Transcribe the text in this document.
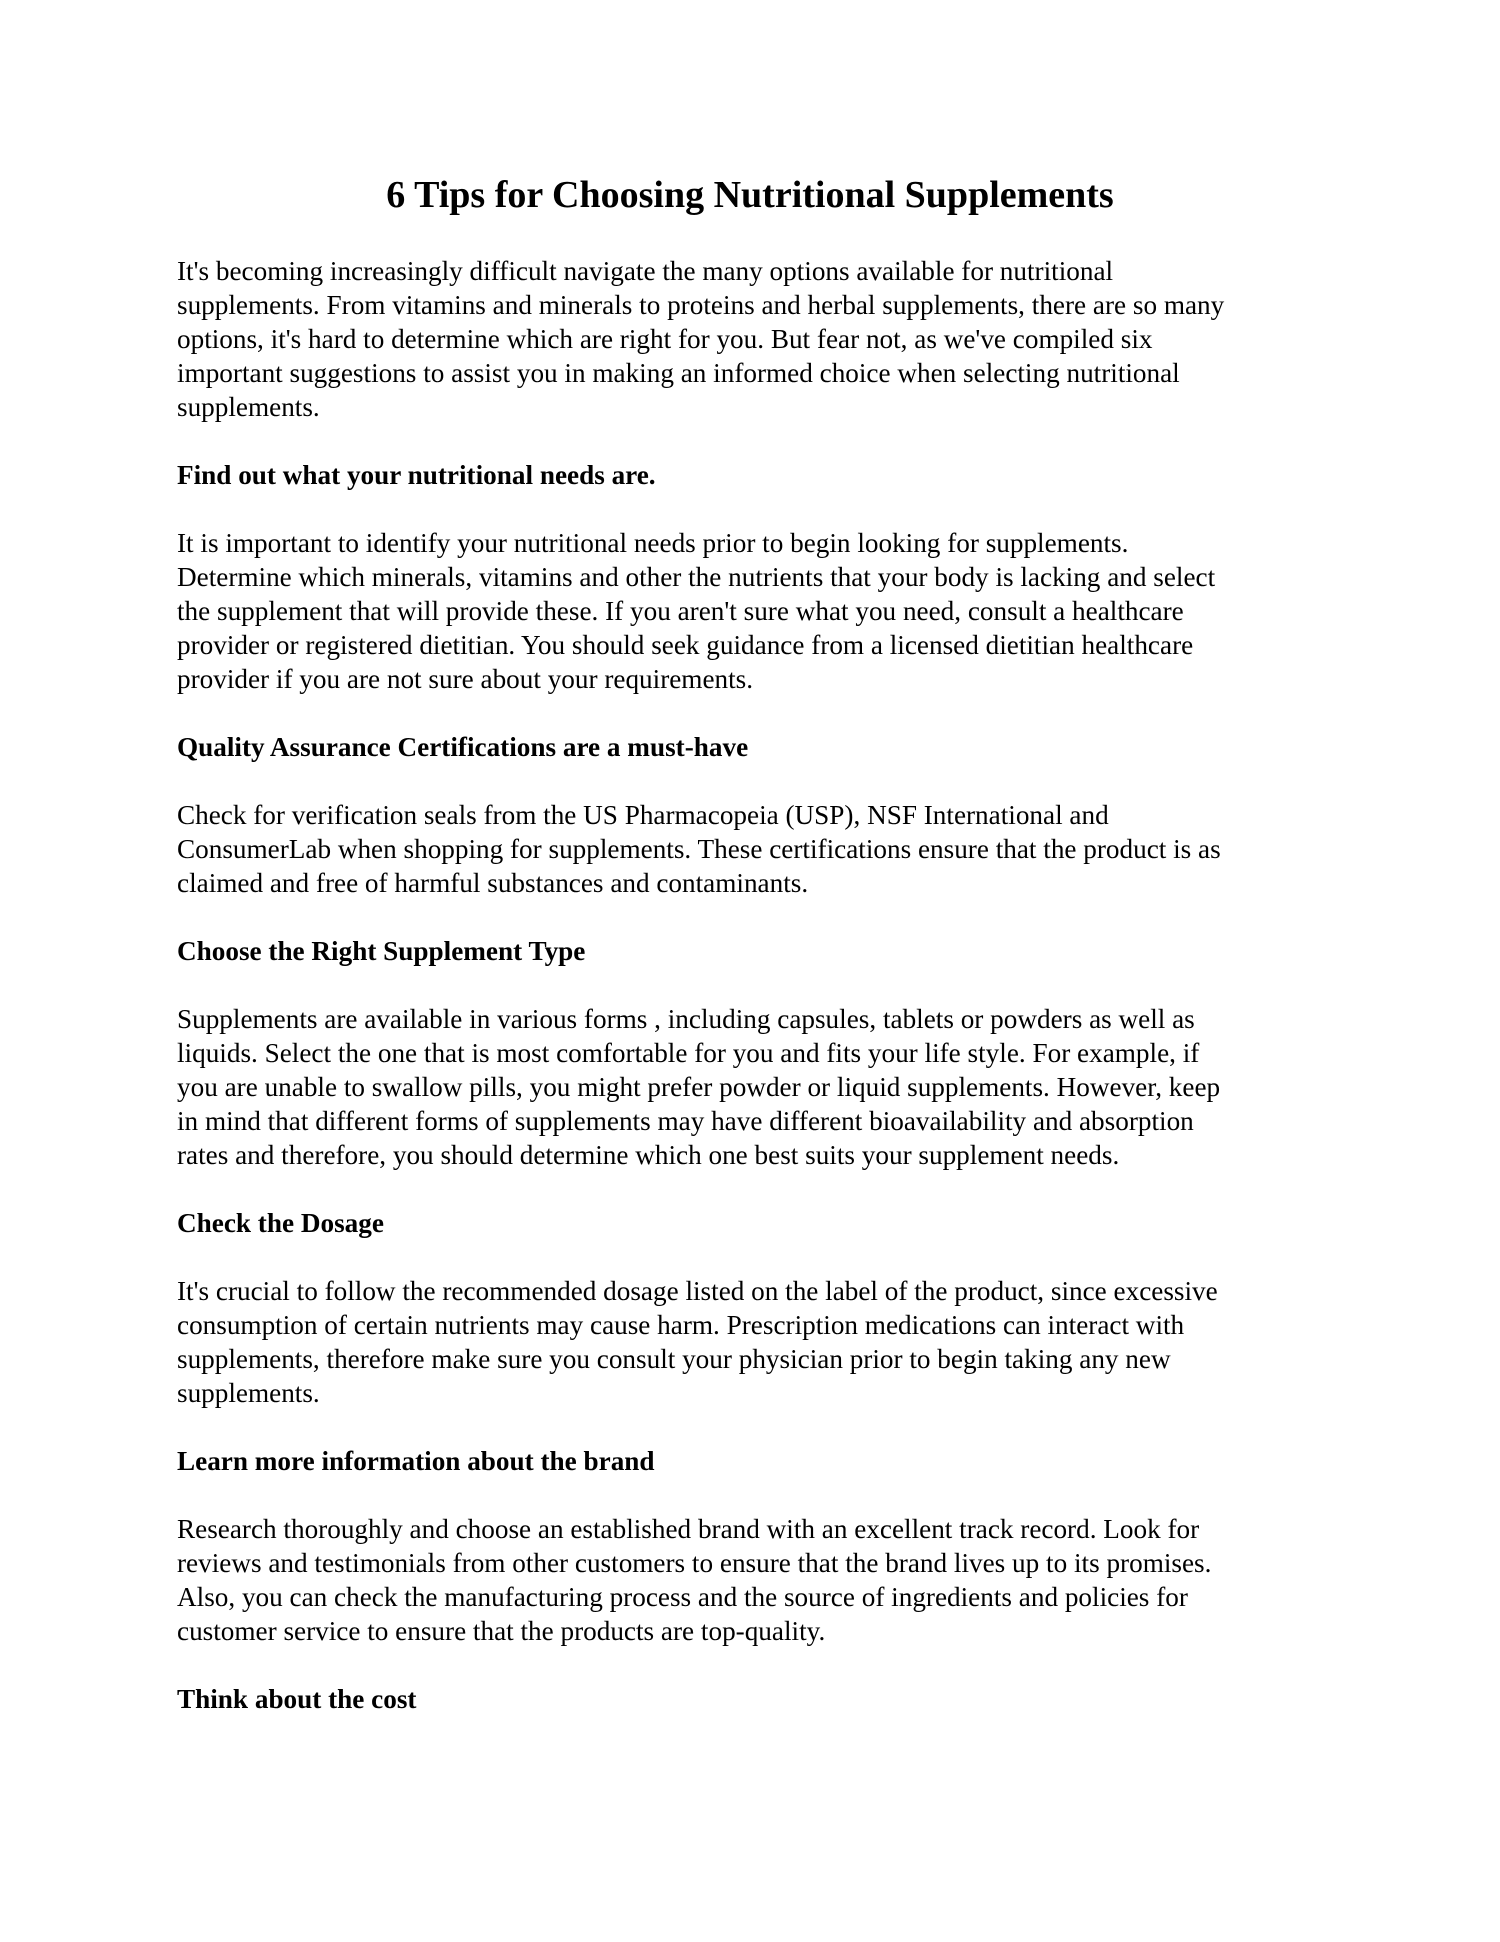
6 Tips for Choosing Nutritional Supplements

It's becoming increasingly difficult navigate the many options available for nutritional
supplements. From vitamins and minerals to proteins and herbal supplements, there are so many
options, it's hard to determine which are right for you. But fear not, as we've compiled six
important suggestions to assist you in making an informed choice when selecting nutritional
supplements.

Find out what your nutritional needs are.

It is important to identify your nutritional needs prior to begin looking for supplements.
Determine which minerals, vitamins and other the nutrients that your body is lacking and select
the supplement that will provide these. If you aren't sure what you need, consult a healthcare
provider or registered dietitian. You should seek guidance from a licensed dietitian healthcare
provider if you are not sure about your requirements.

Quality Assurance Certifications are a must-have

Check for verification seals from the US Pharmacopeia (USP), NSF International and
ConsumerLab when shopping for supplements. These certifications ensure that the product is as
claimed and free of harmful substances and contaminants.

Choose the Right Supplement Type

Supplements are available in various forms , including capsules, tablets or powders as well as
liquids. Select the one that is most comfortable for you and fits your life style. For example, if
you are unable to swallow pills, you might prefer powder or liquid supplements. However, keep
in mind that different forms of supplements may have different bioavailability and absorption
rates and therefore, you should determine which one best suits your supplement needs.

Check the Dosage

It's crucial to follow the recommended dosage listed on the label of the product, since excessive
consumption of certain nutrients may cause harm. Prescription medications can interact with
supplements, therefore make sure you consult your physician prior to begin taking any new
supplements.

Learn more information about the brand

Research thoroughly and choose an established brand with an excellent track record. Look for
reviews and testimonials from other customers to ensure that the brand lives up to its promises.
Also, you can check the manufacturing process and the source of ingredients and policies for
customer service to ensure that the products are top-quality.

Think about the cost
